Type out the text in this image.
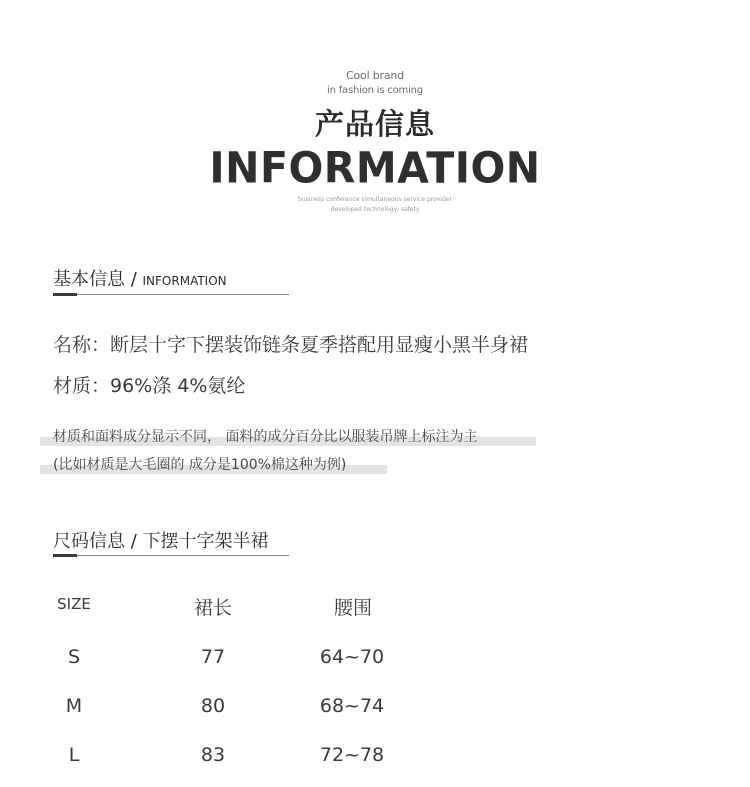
Cool brand
in fashion is coming
产品信息
INFORMATION
business conference simultaneous service provider
developed technology, safety
基本信息 / INFORMATION
名称：断层十字下摆装饰链条夏季搭配用显瘦小黑半身裙
材质：96%涤 4%氨纶
材质和面料成分显示不同， 面料的成分百分比以服装吊牌上标注为主
(比如材质是大毛圈的 成分是100%棉这种为例)
尺码信息 / 下摆十字架半裙
SIZE	裙长	腰围
S	77	64~70
M	80	68~74
L	83	72~78
